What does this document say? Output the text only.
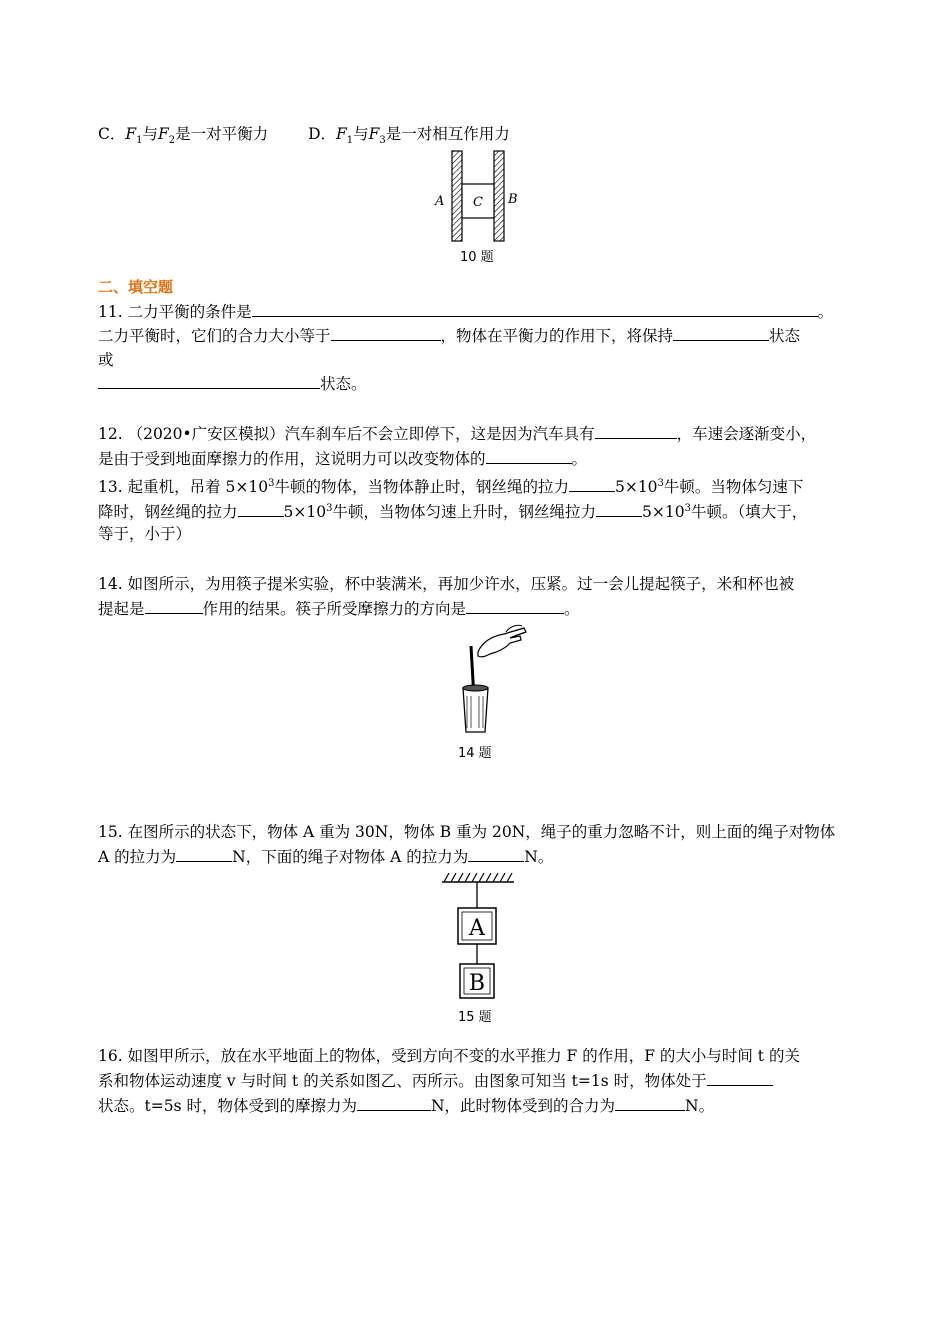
C．$F_1$与$F_2$是一对平衡力	D．$F_1$与$F_3$是一对相互作用力
A C B
10 题
二、填空题
11. 二力平衡的条件是	。
二力平衡时，它们的合力大小等于	，物体在平衡力的作用下，将保持	状态
或
状态。
12. （2020•广安区模拟）汽车刹车后不会立即停下，这是因为汽车具有	，车速会逐渐变小，
是由于受到地面摩擦力的作用，这说明力可以改变物体的	。
13. 起重机，吊着 $5\times 10^3$牛顿的物体，当物体静止时，钢丝绳的拉力	$5\times 10^3$牛顿。当物体匀速下
降时，钢丝绳的拉力	$5\times 10^3$牛顿，当物体匀速上升时，钢丝绳拉力	$5\times 10^3$牛顿。（填大于，
等于，小于）
14. 如图所示，为用筷子提米实验，杯中装满米，再加少许水，压紧。过一会儿提起筷子，米和杯也被
提起是	作用的结果。筷子所受摩擦力的方向是	。
14 题
15. 在图所示的状态下，物体 A 重为 30N，物体 B 重为 20N，绳子的重力忽略不计，则上面的绳子对物体
A 的拉力为	N，下面的绳子对物体 A 的拉力为	N。
A
B
15 题
16. 如图甲所示，放在水平地面上的物体，受到方向不变的水平推力 F 的作用，F 的大小与时间 t 的关
系和物体运动速度 v 与时间 t 的关系如图乙、丙所示。由图象可知当 t=1s 时，物体处于
状态。t=5s 时，物体受到的摩擦力为	N，此时物体受到的合力为	N。
